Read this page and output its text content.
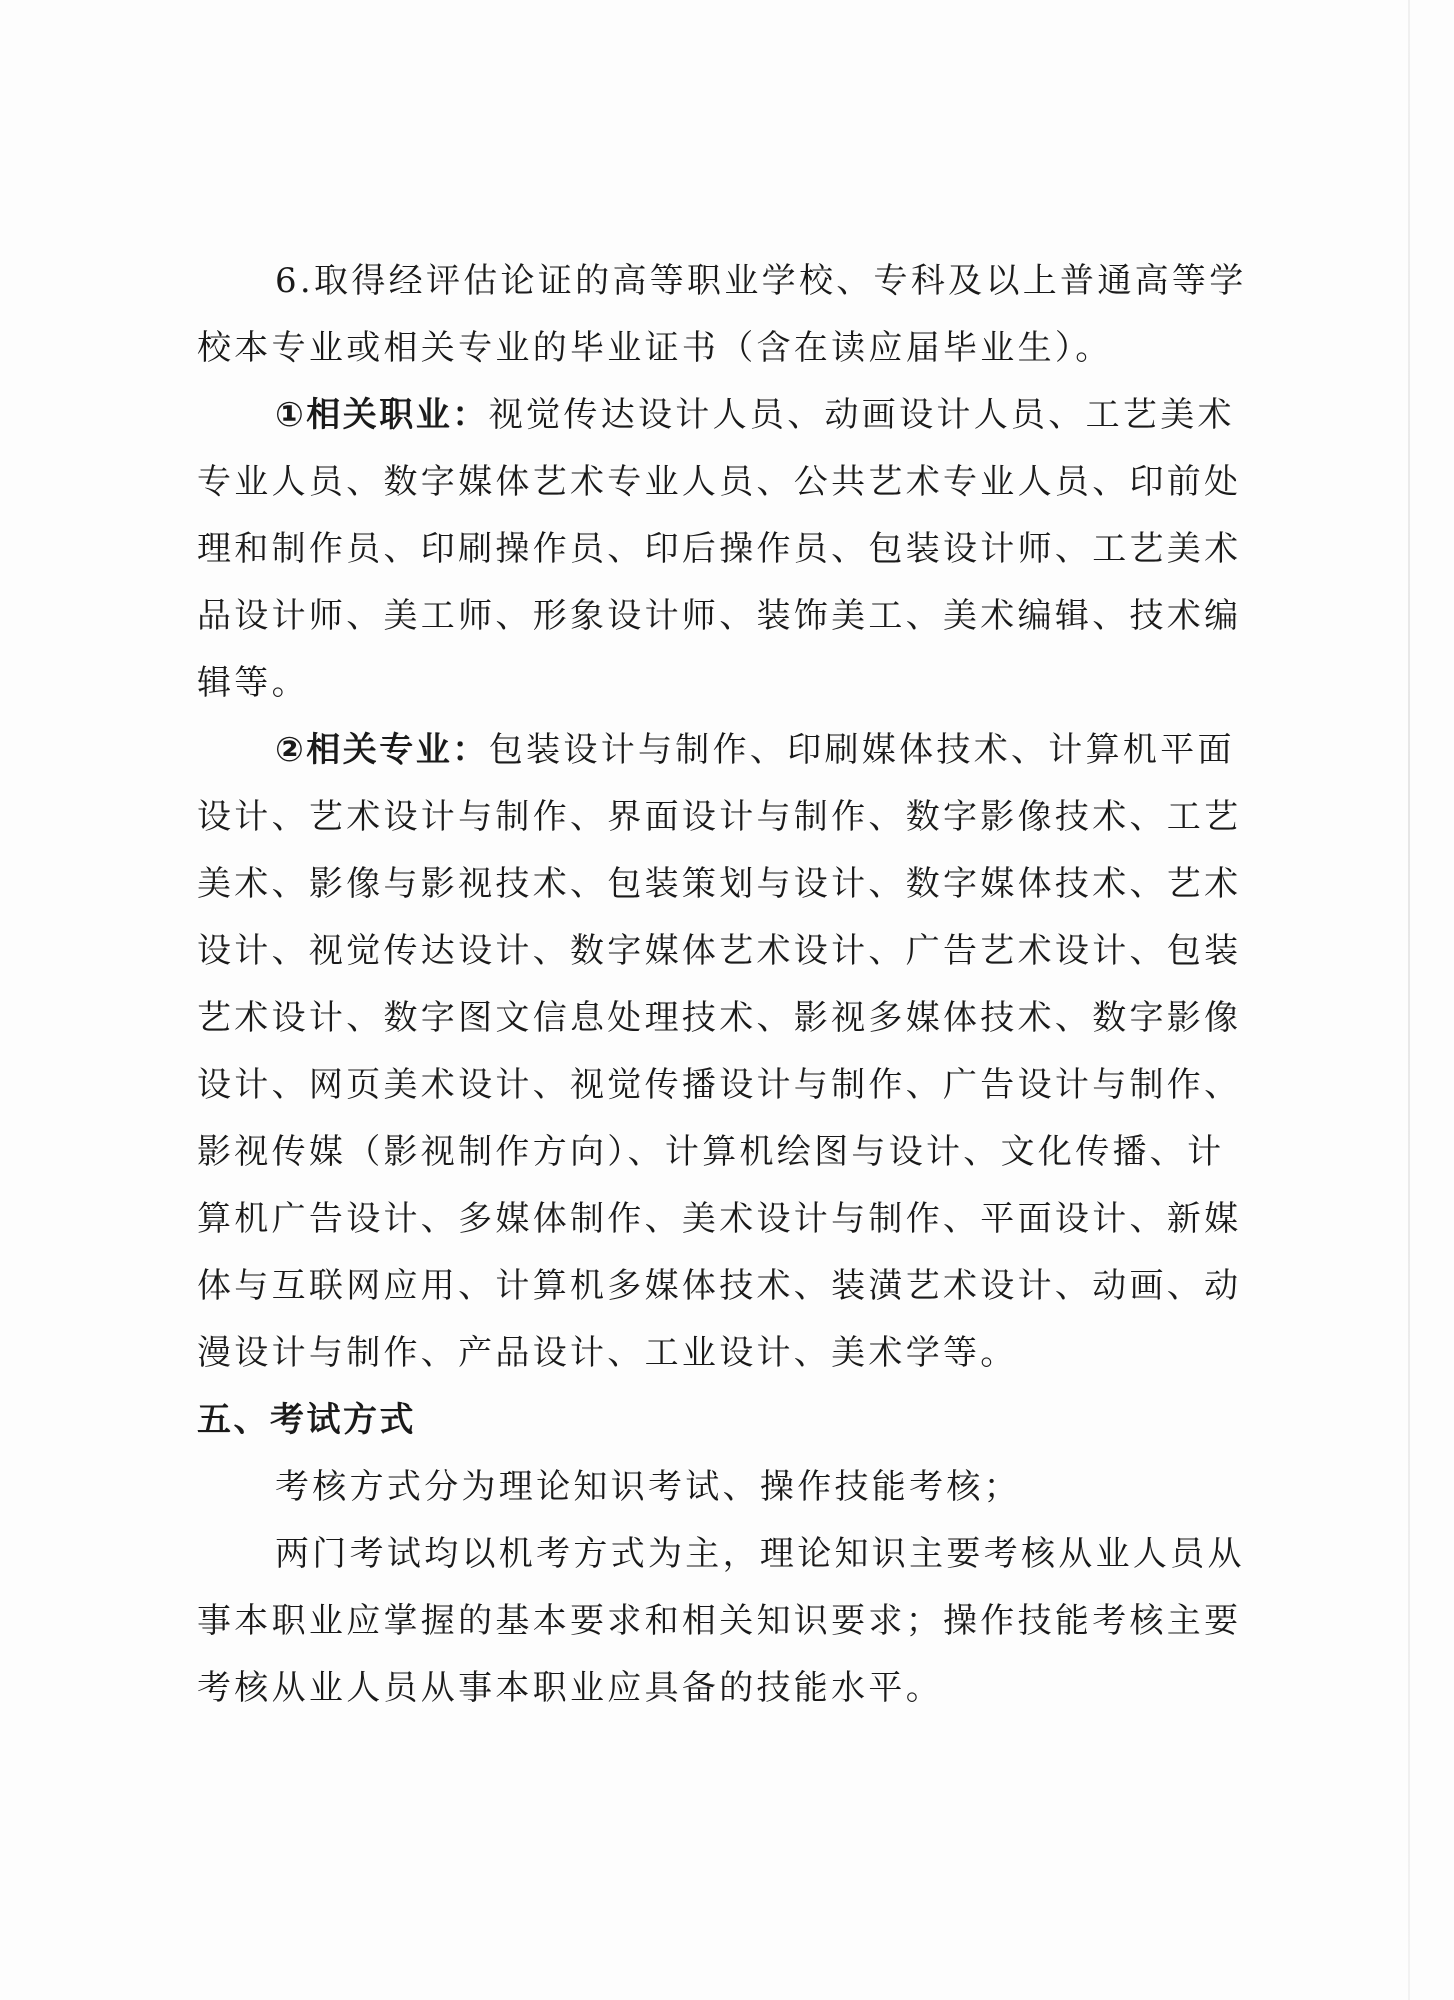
6.取得经评估论证的高等职业学校、专科及以上普通高等学
校本专业或相关专业的毕业证书（含在读应届毕业生）。
①相关职业：视觉传达设计人员、动画设计人员、工艺美术
专业人员、数字媒体艺术专业人员、公共艺术专业人员、印前处
理和制作员、印刷操作员、印后操作员、包装设计师、工艺美术
品设计师、美工师、形象设计师、装饰美工、美术编辑、技术编
辑等。
②相关专业：包装设计与制作、印刷媒体技术、计算机平面
设计、艺术设计与制作、界面设计与制作、数字影像技术、工艺
美术、影像与影视技术、包装策划与设计、数字媒体技术、艺术
设计、视觉传达设计、数字媒体艺术设计、广告艺术设计、包装
艺术设计、数字图文信息处理技术、影视多媒体技术、数字影像
设计、网页美术设计、视觉传播设计与制作、广告设计与制作、
影视传媒（影视制作方向）、计算机绘图与设计、文化传播、计
算机广告设计、多媒体制作、美术设计与制作、平面设计、新媒
体与互联网应用、计算机多媒体技术、装潢艺术设计、动画、动
漫设计与制作、产品设计、工业设计、美术学等。
五、考试方式
考核方式分为理论知识考试、操作技能考核；
两门考试均以机考方式为主，理论知识主要考核从业人员从
事本职业应掌握的基本要求和相关知识要求；操作技能考核主要
考核从业人员从事本职业应具备的技能水平。
